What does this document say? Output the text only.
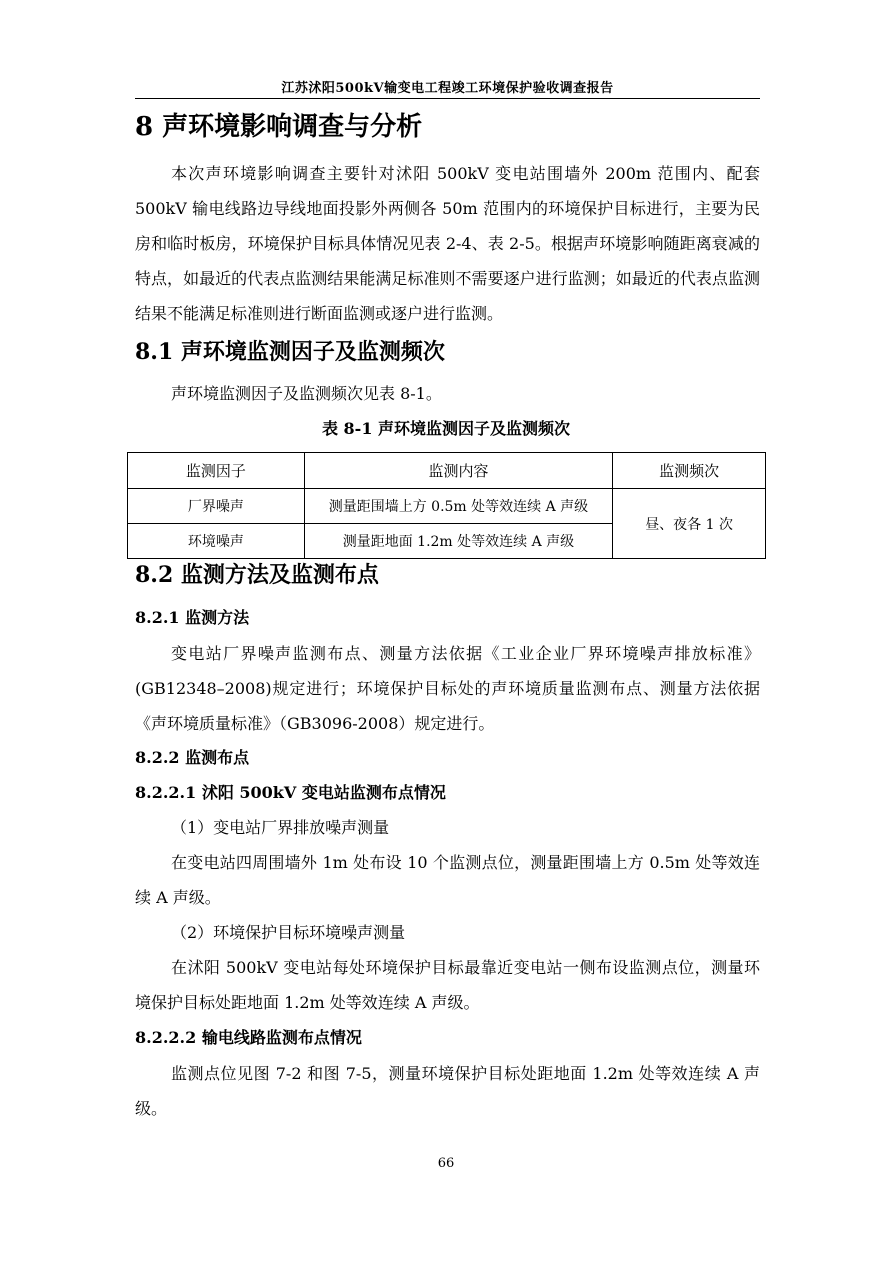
江苏沭阳500kV输变电工程竣工环境保护验收调查报告
8 声环境影响调查与分析
本次声环境影响调查主要针对沭阳 500kV 变电站围墙外 200m 范围内、配套 500kV 输电线路边导线地面投影外两侧各 50m 范围内的环境保护目标进行，主要为民房和临时板房，环境保护目标具体情况见表 2-4、表 2-5。根据声环境影响随距离衰减的特点，如最近的代表点监测结果能满足标准则不需要逐户进行监测；如最近的代表点监测结果不能满足标准则进行断面监测或逐户进行监测。
8.1 声环境监测因子及监测频次
声环境监测因子及监测频次见表 8-1。
表 8-1 声环境监测因子及监测频次
监测因子	监测内容	监测频次
厂界噪声	测量距围墙上方 0.5m 处等效连续 A 声级	昼、夜各 1 次
环境噪声	测量距地面 1.2m 处等效连续 A 声级	
8.2 监测方法及监测布点
8.2.1 监测方法
变电站厂界噪声监测布点、测量方法依据《工业企业厂界环境噪声排放标准》(GB12348–2008)规定进行；环境保护目标处的声环境质量监测布点、测量方法依据《声环境质量标准》（GB3096-2008）规定进行。
8.2.2 监测布点
8.2.2.1 沭阳 500kV 变电站监测布点情况
（1）变电站厂界排放噪声测量
在变电站四周围墙外 1m 处布设 10 个监测点位，测量距围墙上方 0.5m 处等效连续 A 声级。
（2）环境保护目标环境噪声测量
在沭阳 500kV 变电站每处环境保护目标最靠近变电站一侧布设监测点位，测量环境保护目标处距地面 1.2m 处等效连续 A 声级。
8.2.2.2 输电线路监测布点情况
监测点位见图 7-2 和图 7-5，测量环境保护目标处距地面 1.2m 处等效连续 A 声级。
66
